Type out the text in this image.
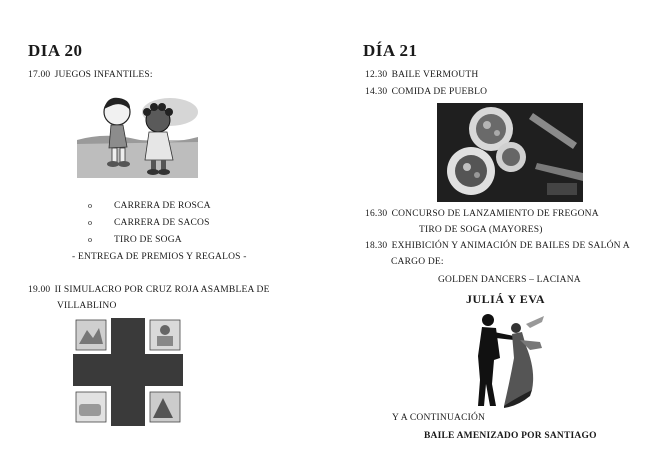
DIA 20
17.00 JUEGOS INFANTILES:
o CARRERA DE ROSCA
o CARRERA DE SACOS
o TIRO DE SOGA
- ENTREGA DE PREMIOS Y REGALOS -
19.00 II SIMULACRO POR CRUZ ROJA ASAMBLEA DE
VILLABLINO
DÍA 21
12.30 BAILE VERMOUTH
14.30 COMIDA DE PUEBLO
16.30 CONCURSO DE LANZAMIENTO DE FREGONA
TIRO DE SOGA (MAYORES)
18.30 EXHIBICIÓN Y ANIMACIÓN DE BAILES DE SALÓN A
CARGO DE:
GOLDEN DANCERS – LACIANA
JULIÁ Y EVA
Y A CONTINUACIÓN
BAILE AMENIZADO POR SANTIAGO
